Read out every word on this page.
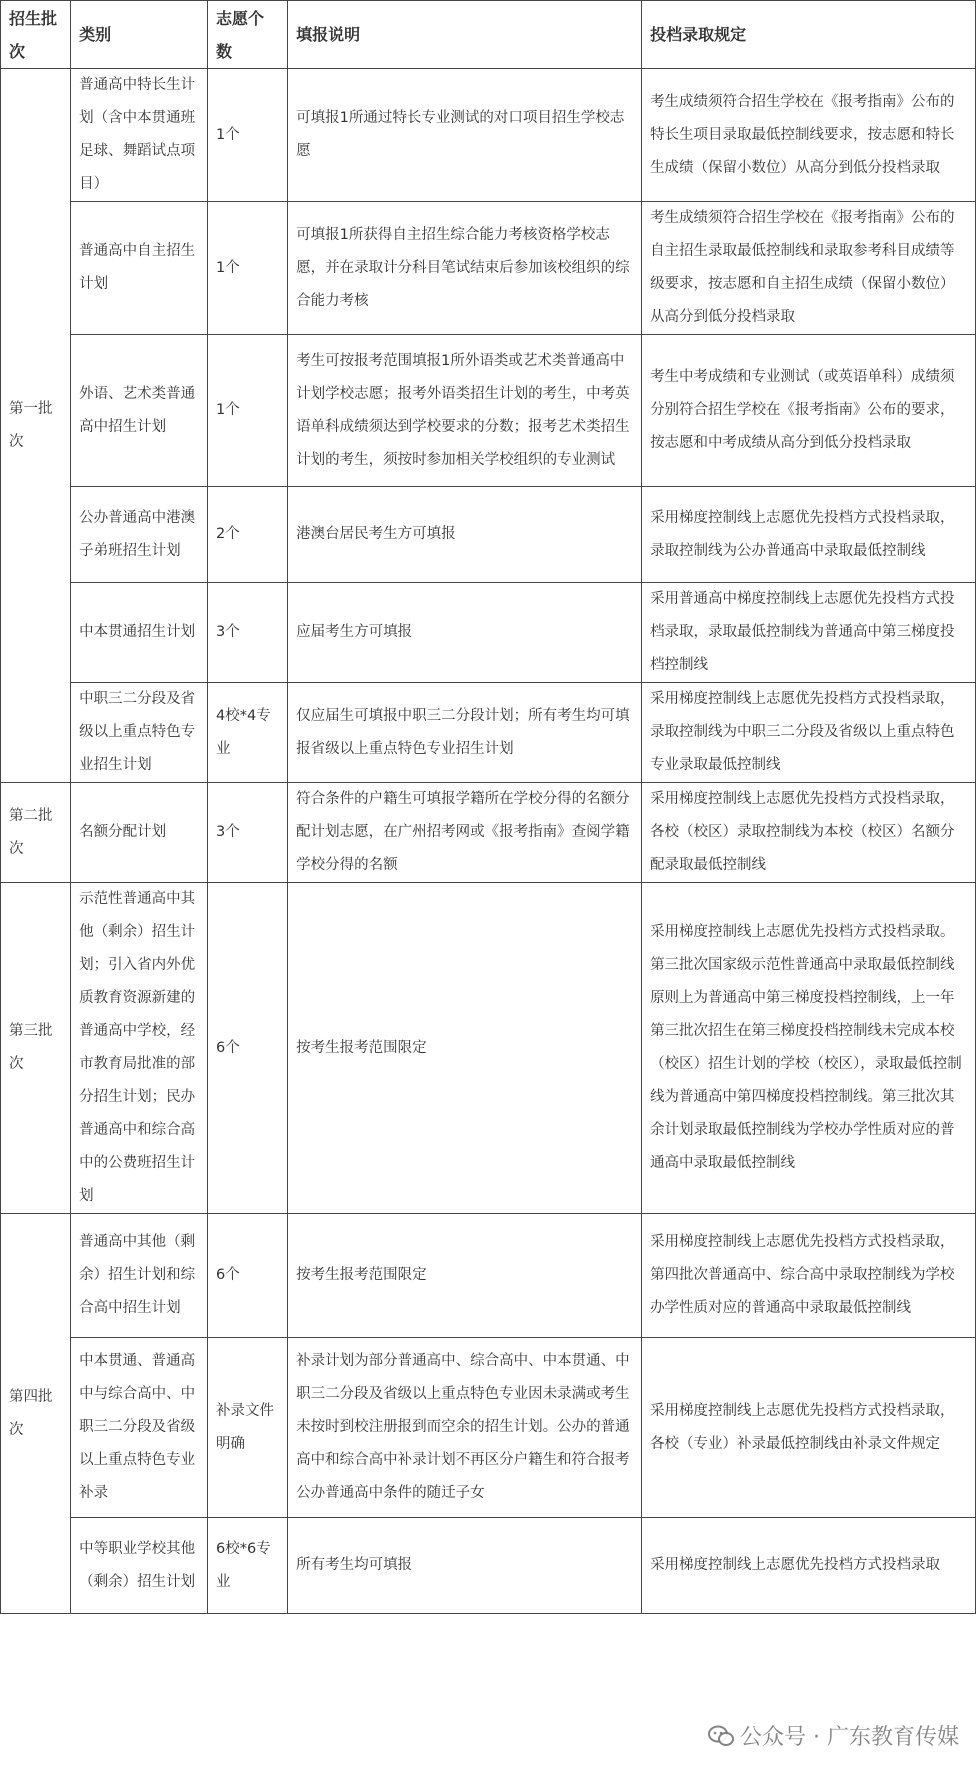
招生批次	类别	志愿个数	填报说明	投档录取规定
第一批次	普通高中特长生计划（含中本贯通班足球、舞蹈试点项目）	1个	可填报1所通过特长专业测试的对口项目招生学校志愿	考生成绩须符合招生学校在《报考指南》公布的特长生项目录取最低控制线要求，按志愿和特长生成绩（保留小数位）从高分到低分投档录取
	普通高中自主招生计划	1个	可填报1所获得自主招生综合能力考核资格学校志愿，并在录取计分科目笔试结束后参加该校组织的综合能力考核	考生成绩须符合招生学校在《报考指南》公布的自主招生录取最低控制线和录取参考科目成绩等级要求，按志愿和自主招生成绩（保留小数位）从高分到低分投档录取
	外语、艺术类普通高中招生计划	1个	考生可按报考范围填报1所外语类或艺术类普通高中计划学校志愿；报考外语类招生计划的考生，中考英语单科成绩须达到学校要求的分数；报考艺术类招生计划的考生，须按时参加相关学校组织的专业测试	考生中考成绩和专业测试（或英语单科）成绩须分别符合招生学校在《报考指南》公布的要求，按志愿和中考成绩从高分到低分投档录取
	公办普通高中港澳子弟班招生计划	2个	港澳台居民考生方可填报	采用梯度控制线上志愿优先投档方式投档录取，录取控制线为公办普通高中录取最低控制线
	中本贯通招生计划	3个	应届考生方可填报	采用普通高中梯度控制线上志愿优先投档方式投档录取，录取最低控制线为普通高中第三梯度投档控制线
	中职三二分段及省级以上重点特色专业招生计划	4校*4专业	仅应届生可填报中职三二分段计划；所有考生均可填报省级以上重点特色专业招生计划	采用梯度控制线上志愿优先投档方式投档录取，录取控制线为中职三二分段及省级以上重点特色专业录取最低控制线
第二批次	名额分配计划	3个	符合条件的户籍生可填报学籍所在学校分得的名额分配计划志愿，在广州招考网或《报考指南》查阅学籍学校分得的名额	采用梯度控制线上志愿优先投档方式投档录取，各校（校区）录取控制线为本校（校区）名额分配录取最低控制线
第三批次	示范性普通高中其他（剩余）招生计划；引入省内外优质教育资源新建的普通高中学校，经市教育局批准的部分招生计划；民办普通高中和综合高中的公费班招生计划	6个	按考生报考范围限定	采用梯度控制线上志愿优先投档方式投档录取。第三批次国家级示范性普通高中录取最低控制线原则上为普通高中第三梯度投档控制线，上一年第三批次招生在第三梯度投档控制线未完成本校（校区）招生计划的学校（校区），录取最低控制线为普通高中第四梯度投档控制线。第三批次其余计划录取最低控制线为学校办学性质对应的普通高中录取最低控制线
第四批次	普通高中其他（剩余）招生计划和综合高中招生计划	6个	按考生报考范围限定	采用梯度控制线上志愿优先投档方式投档录取，第四批次普通高中、综合高中录取控制线为学校办学性质对应的普通高中录取最低控制线
	中本贯通、普通高中与综合高中、中职三二分段及省级以上重点特色专业补录	补录文件明确	补录计划为部分普通高中、综合高中、中本贯通、中职三二分段及省级以上重点特色专业因未录满或考生未按时到校注册报到而空余的招生计划。公办的普通高中和综合高中补录计划不再区分户籍生和符合报考公办普通高中条件的随迁子女	采用梯度控制线上志愿优先投档方式投档录取，各校（专业）补录最低控制线由补录文件规定
	中等职业学校其他（剩余）招生计划	6校*6专业	所有考生均可填报	采用梯度控制线上志愿优先投档方式投档录取
公众号 · 广东教育传媒
